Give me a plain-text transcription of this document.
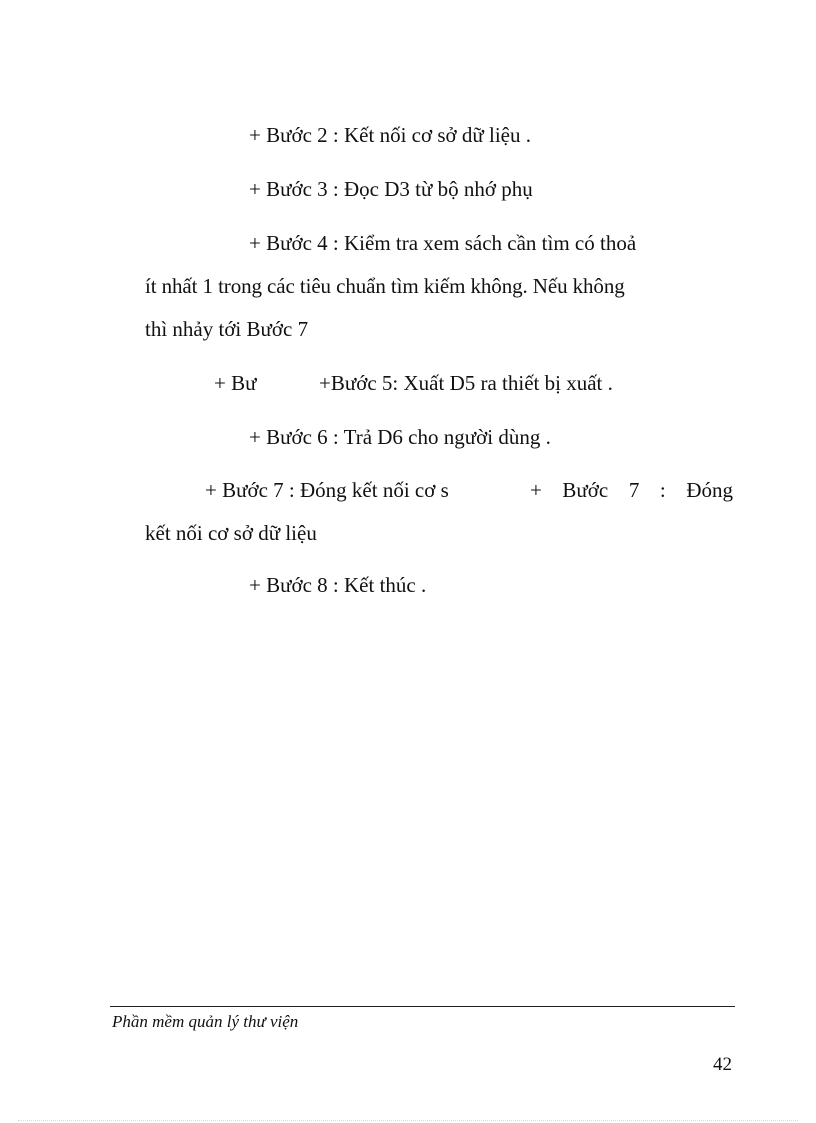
+ Bước 2 : Kết nối cơ sở dữ liệu .
+ Bước 3 : Đọc D3 từ bộ nhớ phụ
+ Bước 4 : Kiểm tra xem sách cần tìm có thoả
ít nhất 1 trong các tiêu chuẩn tìm kiếm không. Nếu không
thì nhảy tới Bước 7
+ Bư	+Bước 5: Xuất D5 ra thiết bị xuất .
+ Bước 6 : Trả D6 cho người dùng .
+ Bước 7 : Đóng kết nối cơ s	+ Bước 7 : Đóng
kết nối cơ sở dữ liệu
+ Bước 8 : Kết thúc .
Phần mềm quản lý thư viện
42
